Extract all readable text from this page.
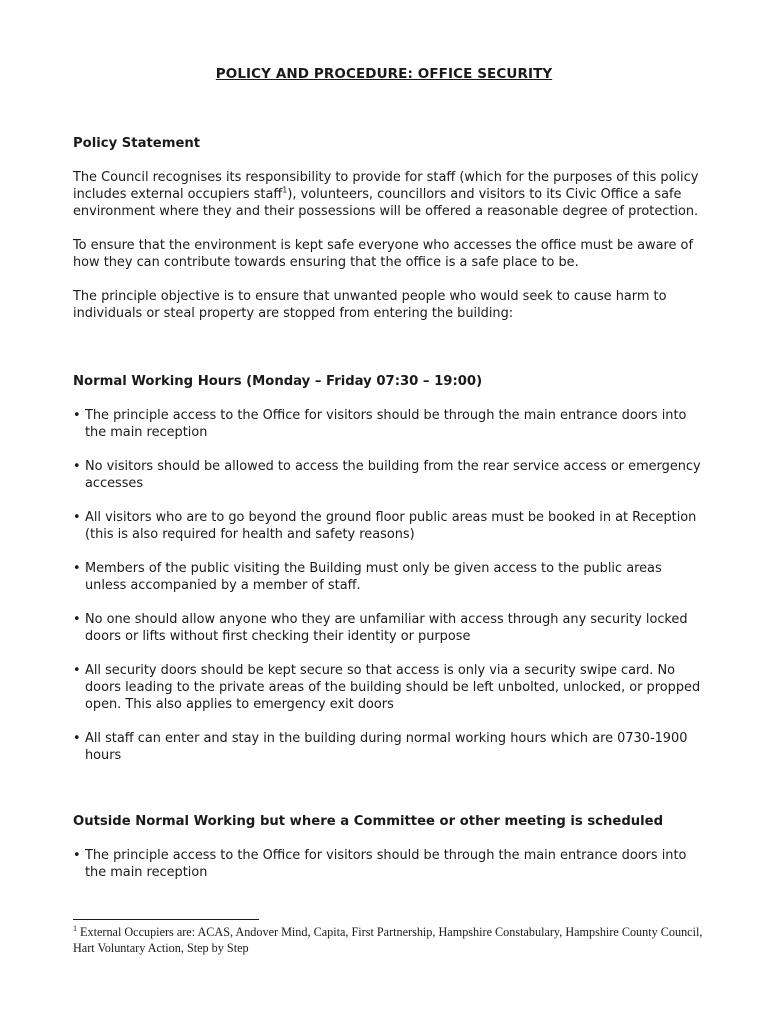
POLICY AND PROCEDURE: OFFICE SECURITY
Policy Statement

The Council recognises its responsibility to provide for staff (which for the purposes of this policy includes external occupiers staff$^1$), volunteers, councillors and visitors to its Civic Office a safe environment where they and their possessions will be offered a reasonable degree of protection.

To ensure that the environment is kept safe everyone who accesses the office must be aware of how they can contribute towards ensuring that the office is a safe place to be.

The principle objective is to ensure that unwanted people who would seek to cause harm to individuals or steal property are stopped from entering the building:

Normal Working Hours (Monday – Friday 07:30 – 19:00)
• The principle access to the Office for visitors should be through the main entrance doors into the main reception
• No visitors should be allowed to access the building from the rear service access or emergency accesses
• All visitors who are to go beyond the ground floor public areas must be booked in at Reception (this is also required for health and safety reasons)
• Members of the public visiting the Building must only be given access to the public areas unless accompanied by a member of staff.
• No one should allow anyone who they are unfamiliar with access through any security locked doors or lifts without first checking their identity or purpose
• All security doors should be kept secure so that access is only via a security swipe card. No doors leading to the private areas of the building should be left unbolted, unlocked, or propped open. This also applies to emergency exit doors
• All staff can enter and stay in the building during normal working hours which are 0730-1900 hours
Outside Normal Working but where a Committee or other meeting is scheduled
• The principle access to the Office for visitors should be through the main entrance doors into the main reception
$^1$ External Occupiers are: ACAS, Andover Mind, Capita, First Partnership, Hampshire Constabulary, Hampshire County Council, Hart Voluntary Action, Step by Step
